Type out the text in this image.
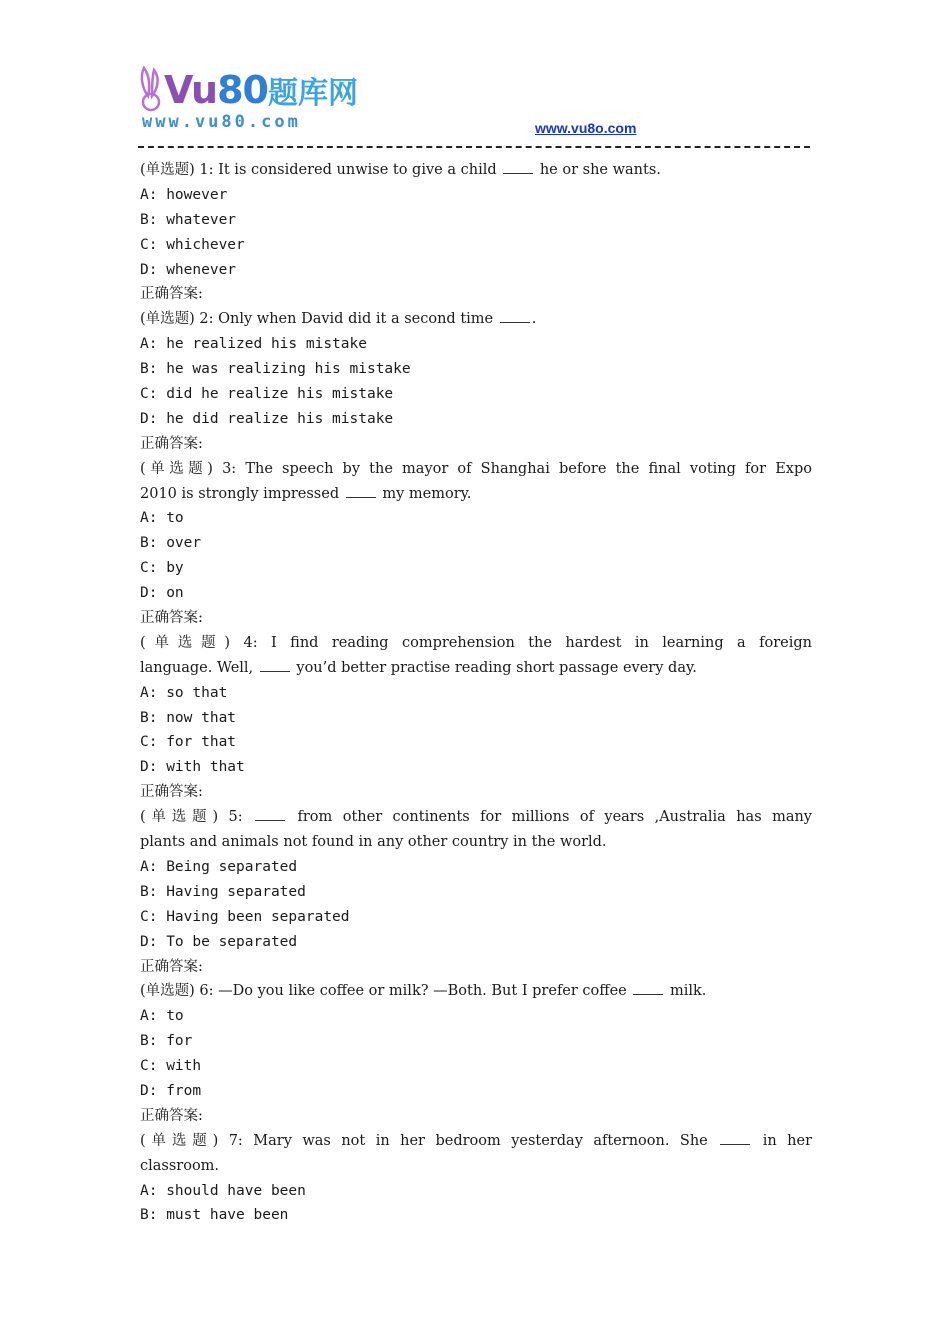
Vu80题库网
www.vu80.com	www.vu8o.com
(单选题) 1: It is considered unwise to give a child  he or she wants.
A: however
B: whatever
C: whichever
D: whenever
正确答案:
(单选题) 2: Only when David did it a second time .
A: he realized his mistake
B: he was realizing his mistake
C: did he realize his mistake
D: he did realize his mistake
正确答案:
(单选题) 3: The speech by the mayor of Shanghai before the final voting for Expo
2010 is strongly impressed  my memory.
A: to
B: over
C: by
D: on
正确答案:
(单选题) 4: I find reading comprehension the hardest in learning a foreign
language. Well,  you’d better practise reading short passage every day.
A: so that
B: now that
C: for that
D: with that
正确答案:
(单选题) 5:  from other continents for millions of years ,Australia has many
plants and animals not found in any other country in the world.
A: Being separated
B: Having separated
C: Having been separated
D: To be separated
正确答案:
(单选题) 6: —Do you like coffee or milk? —Both. But I prefer coffee  milk.
A: to
B: for
C: with
D: from
正确答案:
(单选题) 7: Mary was not in her bedroom yesterday afternoon. She  in her
classroom.
A: should have been
B: must have been
